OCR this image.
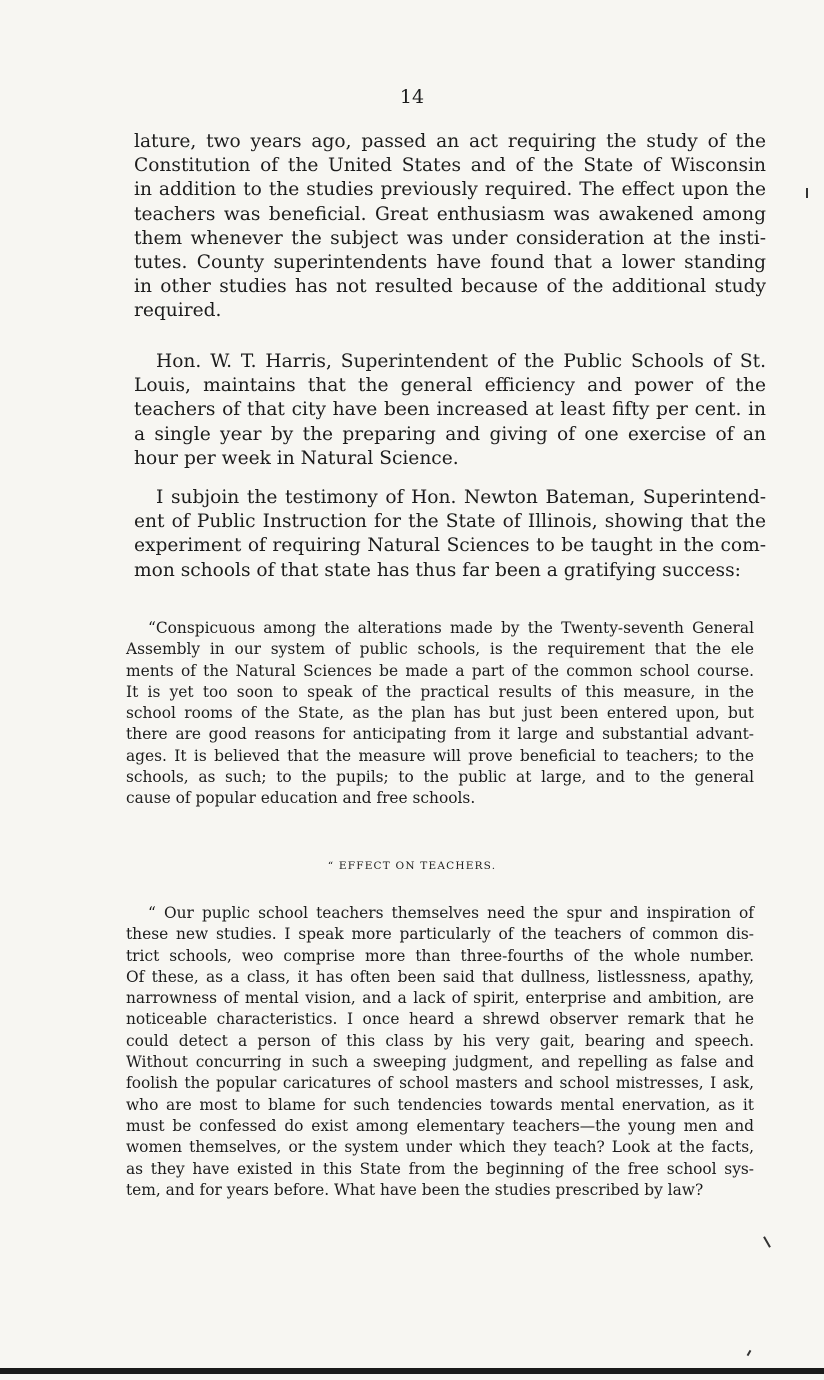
14
lature, two years ago, passed an act requiring the study of the
Constitution of the United States and of the State of Wisconsin
in addition to the studies previously required. The effect upon the
teachers was beneficial. Great enthusiasm was awakened among
them whenever the subject was under consideration at the insti-
tutes. County superintendents have found that a lower standing
in other studies has not resulted because of the additional study
required.
Hon. W. T. Harris, Superintendent of the Public Schools of St.
Louis, maintains that the general efficiency and power of the
teachers of that city have been increased at least fifty per cent. in
a single year by the preparing and giving of one exercise of an
hour per week in Natural Science.
I subjoin the testimony of Hon. Newton Bateman, Superintend-
ent of Public Instruction for the State of Illinois, showing that the
experiment of requiring Natural Sciences to be taught in the com-
mon schools of that state has thus far been a gratifying success:
“Conspicuous among the alterations made by the Twenty-seventh General
Assembly in our system of public schools, is the requirement that the ele
ments of the Natural Sciences be made a part of the common school course.
It is yet too soon to speak of the practical results of this measure, in the
school rooms of the State, as the plan has but just been entered upon, but
there are good reasons for anticipating from it large and substantial advant-
ages. It is believed that the measure will prove beneficial to teachers; to the
schools, as such; to the pupils; to the public at large, and to the general
cause of popular education and free schools.
“ EFFECT ON TEACHERS.
“ Our puplic school teachers themselves need the spur and inspiration of
these new studies. I speak more particularly of the teachers of common dis-
trict schools, weo comprise more than three-fourths of the whole number.
Of these, as a class, it has often been said that dullness, listlessness, apathy,
narrowness of mental vision, and a lack of spirit, enterprise and ambition, are
noticeable characteristics. I once heard a shrewd observer remark that he
could detect a person of this class by his very gait, bearing and speech.
Without concurring in such a sweeping judgment, and repelling as false and
foolish the popular caricatures of school masters and school mistresses, I ask,
who are most to blame for such tendencies towards mental enervation, as it
must be confessed do exist among elementary teachers—the young men and
women themselves, or the system under which they teach? Look at the facts,
as they have existed in this State from the beginning of the free school sys-
tem, and for years before. What have been the studies prescribed by law?
